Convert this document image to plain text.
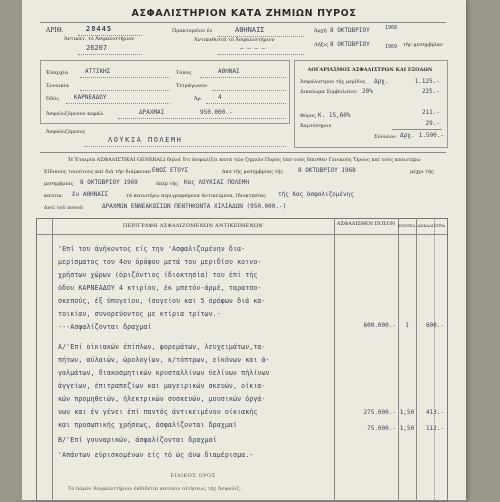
ΑΣΦΑΛΙΣΤΗΡΙΟΝ ΚΑΤΑ ΖΗΜΙΩΝ ΠΥΡΟΣ
ΑΡΙΘ.	28445
Άντικατ. τό Ἀσφαλιστήριον
26207
Πρακτορεῖον ἐν	ΑΘΗΝΑΙΣ
Ἀντικαθιστᾶ τό Ἀσφαλιστήριον
— — — —
Ἀρχή 8 ΟΚΤΩΒΡΙΟΥ	1968
Λήξις 8 ΟΚΤΩΒΡΙΟΥ	1969 τήν μεσημβρίαν
Ἐπαρχία	ΑΤΤΙΚΗΣ	Τόπος	ΑΘΗΝΑΙ
Συνοικία	Τετράγωνον
Ὁδός ΚΑΡΝΕΑΔΟΥ	Ἀρ.	4
Ἀσφαλιζόμενον κεφάλ.	ΔΡΑΧΜΑΙ	950.000.-
Ἀσφαλιζόμενος
ΛΟΥΚΙΑ ΠΟΛΕΜΗ
ΛΟΓΑΡΙΑΣΜΟΣ ΑΣΦΑΛΙΣΤΡΩΝ ΚΑΙ ΕΞΟΔΩΝ
Ἀσφάλιστρον τῆς μερίδος Δρχ.	1.125.-
Δικαίωμα Συμβολαίου 20%	225.-
Φόρος Κ. 15,60%	211.-
Χαρτόσημον	29.-
Σύνολον Δρχ. 1.590.-
Ἡ Ἑταιρία ΑΣΦΑΛΙΣΤΙΚΑΙ GENERALI δηλοῖ ὅτι ἀσφαλίζει κατὰ τῶν ζημιῶν Πυρός ὑπό τούς ὄπισθεν Γενικούς Ὅρους καί τούς κατωτέρω
Εἰδικούς τοιούτους καί διὰ τήν διάρκειαν ΕΝΟΣ ΕΤΟΥΣ	ἀπό τῆς μεσημβρίας τῆς 8 ΟΚΤΩΒΡΙΟΥ 1968	μέχρι τῆς
μεσημβρίας 8 ΟΚΤΩΒΡΙΟΥ 1969	ὑπέρ τῆς Κας ΛΟΥΚΙΑΣ ΠΟΛΕΜΗ
κατοικ. ἐν ΑΘΗΝΑΙΣ	τά κατωτέρω περιγραφόμενα ἀντικείμενα, ἰδιοκτησίας τῆς Κας ἀσφαλιζομένης
ἀντί τοῦ ποσοῦ	ΔΡΑΧΜΩΝ ΕΝΝΕΑΚΟΣΙΩΝ ΠΕΝΤΗΚΟΝΤΑ ΧΙΛΙΑΔΩΝ (950.000.-)
ΠΕΡΙΓΡΑΦΗ ΑΣΦΑΛΙΖΟΜΕΝΩΝ ΑΝΤΙΚΕΙΜΕΝΩΝ	ΑΣΦΑΛΙΣΘΕΝ ΠΟΣΟΝ ΣΥΝΤΕΛ. ΑΣΦΑΛΙΣΤΡΑ
'Επί του άνήκοντος είς την 'Ασφαλιζομένην δια-
μερίσματος του 4ου όρόφου μετά του μεριδίου κοινο-
χρήστων χώρων (όριζόντιος ίδιοκτησία) του έπί τής
όδου ΚΑΡΝΕΑΔΟΥ 4 κτιρίου, έκ μπετόν-άρμέ, ταρατσο-
σκεπούς, έξ ύπογείου, ίσογείου και 5 όρόφων διά κα-
τοικίαν, συνορεύοντος με κτίρια τρίτων.-
---Ασφαλίζονται δραχμαί	600.000.-	1	600.-
A/'Επί οίκιακών έπίπλων, φορεμάτων, λευχειμάτων,τα-
πήτων, αύλαιών, ώρολογίων, κ/τόπτρων, είκόνων και ά-
γαλμάτων, διακοσμητικών κρυσταλλίνων ύελίνων πήλίνων
άγγείων, έπιτραπεζίων και μαγειρικών σκευών, οίκια-
κών προμηθειών, ήλεκτρικών συσκευών, μουσικών όργά-
νων και έν γένει έπί παντός άντικειμένου οίκιακής
και προσωπικής χρήσεως, άσφαλίζονται δραχμαί
275.000.- 1,50	413.-
B/'Επί γουναρικών, άσφαλίζονται δραχμαί
75.000.- 1,50	112.-
'Απάντων εύρισκομένων είς τό ώς άνω διαμέρισμα.-
ΕΙΔΙΚΟΣ ΟΡΟΣ
Τό παρόν Ἀσφαλιστήριον ἐκδίδεται κατόπιν αἰτήσεως τῆς Ἀσφαλιζ.
